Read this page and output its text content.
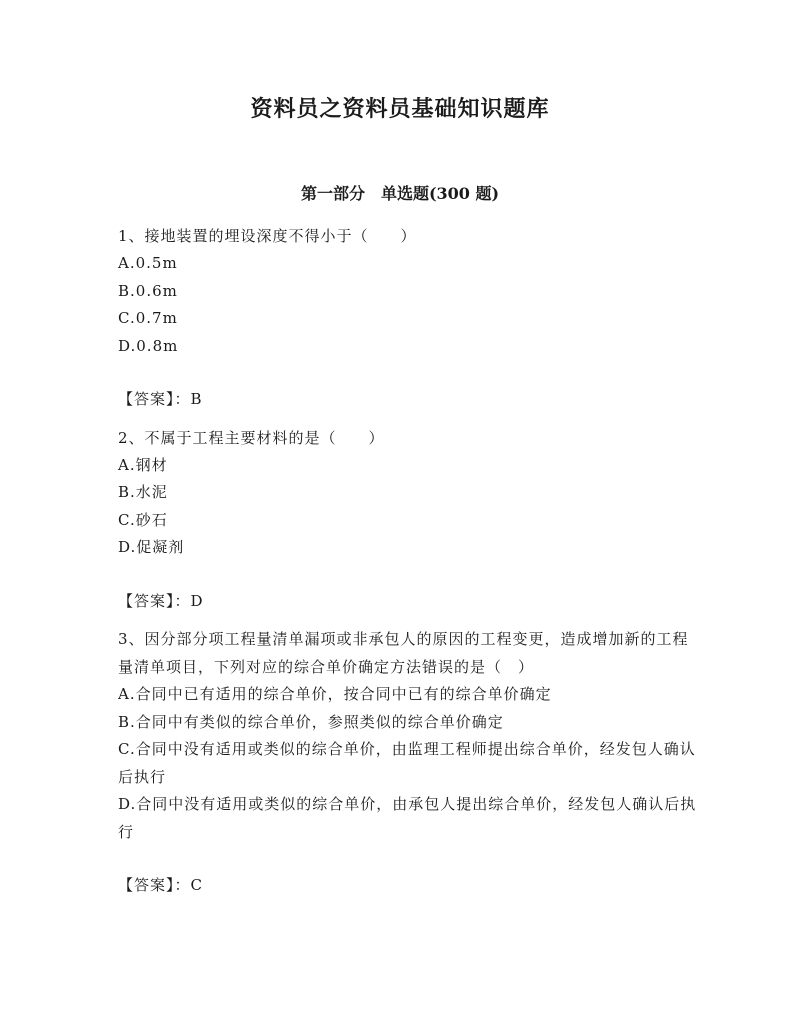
资料员之资料员基础知识题库
第一部分　单选题(300 题)
1、接地装置的埋设深度不得小于（　　）
A.0.5m
B.0.6m
C.0.7m
D.0.8m
【答案】：B
2、不属于工程主要材料的是（　　）
A.钢材
B.水泥
C.砂石
D.促凝剂
【答案】：D
3、因分部分项工程量清单漏项或非承包人的原因的工程变更，造成增加新的工程量清单项目，下列对应的综合单价确定方法错误的是（　）
A.合同中已有适用的综合单价，按合同中已有的综合单价确定
B.合同中有类似的综合单价，参照类似的综合单价确定
C.合同中没有适用或类似的综合单价，由监理工程师提出综合单价，经发包人确认后执行
D.合同中没有适用或类似的综合单价，由承包人提出综合单价，经发包人确认后执行
【答案】：C
